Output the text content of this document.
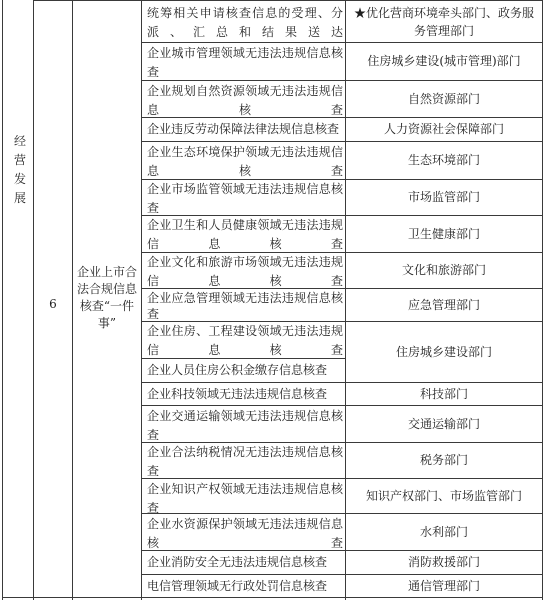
经营发展
6
企业上市合法合规信息核查“一件事”
统筹相关申请核查信息的受理、分派、汇总和结果送达
企业城市管理领域无违法违规信息核查
企业规划自然资源领域无违法违规信息核查
企业违反劳动保障法律法规信息核查
企业生态环境保护领域无违法违规信息核查
企业市场监管领域无违法违规信息核查
企业卫生和人员健康领域无违法违规信息核查
企业文化和旅游市场领域无违法违规信息核查
企业应急管理领域无违法违规信息核查
企业住房、工程建设领域无违法违规信息核查
企业人员住房公积金缴存信息核查
企业科技领域无违法违规信息核查
企业交通运输领域无违法违规信息核查
企业合法纳税情况无违法违规信息核查
企业知识产权领域无违法违规信息核查
企业水资源保护领域无违法违规信息核查
企业消防安全无违法违规信息核查
电信管理领域无行政处罚信息核查
★优化营商环境牵头部门、政务服务管理部门
住房城乡建设(城市管理)部门
自然资源部门
人力资源社会保障部门
生态环境部门
市场监管部门
卫生健康部门
文化和旅游部门
应急管理部门
住房城乡建设部门
科技部门
交通运输部门
税务部门
知识产权部门、市场监管部门
水利部门
消防救援部门
通信管理部门
